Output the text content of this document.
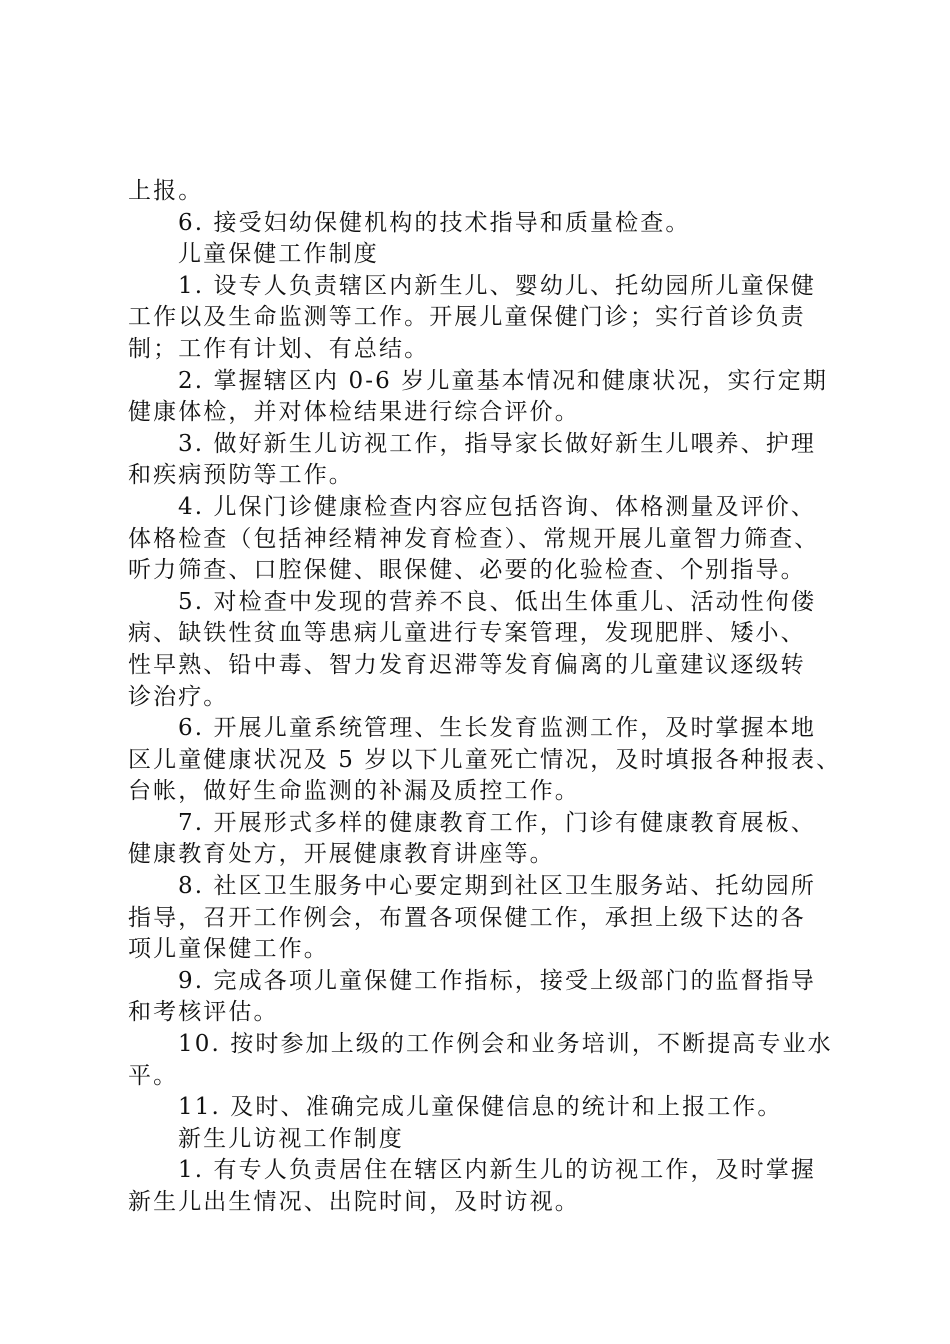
上报。
6. 接受妇幼保健机构的技术指导和质量检查。
儿童保健工作制度
1. 设专人负责辖区内新生儿、婴幼儿、托幼园所儿童保健
工作以及生命监测等工作。开展儿童保健门诊；实行首诊负责
制；工作有计划、有总结。
2. 掌握辖区内 0-6 岁儿童基本情况和健康状况，实行定期
健康体检，并对体检结果进行综合评价。
3. 做好新生儿访视工作，指导家长做好新生儿喂养、护理
和疾病预防等工作。
4. 儿保门诊健康检查内容应包括咨询、体格测量及评价、
体格检查（包括神经精神发育检查）、常规开展儿童智力筛查、
听力筛查、口腔保健、眼保健、必要的化验检查、个别指导。
5. 对检查中发现的营养不良、低出生体重儿、活动性佝偻
病、缺铁性贫血等患病儿童进行专案管理，发现肥胖、矮小、
性早熟、铅中毒、智力发育迟滞等发育偏离的儿童建议逐级转
诊治疗。
6. 开展儿童系统管理、生长发育监测工作，及时掌握本地
区儿童健康状况及 5 岁以下儿童死亡情况，及时填报各种报表、
台帐，做好生命监测的补漏及质控工作。
7. 开展形式多样的健康教育工作，门诊有健康教育展板、
健康教育处方，开展健康教育讲座等。
8. 社区卫生服务中心要定期到社区卫生服务站、托幼园所
指导，召开工作例会，布置各项保健工作，承担上级下达的各
项儿童保健工作。
9. 完成各项儿童保健工作指标，接受上级部门的监督指导
和考核评估。
10. 按时参加上级的工作例会和业务培训，不断提高专业水
平。
11. 及时、准确完成儿童保健信息的统计和上报工作。
新生儿访视工作制度
1. 有专人负责居住在辖区内新生儿的访视工作，及时掌握
新生儿出生情况、出院时间，及时访视。
